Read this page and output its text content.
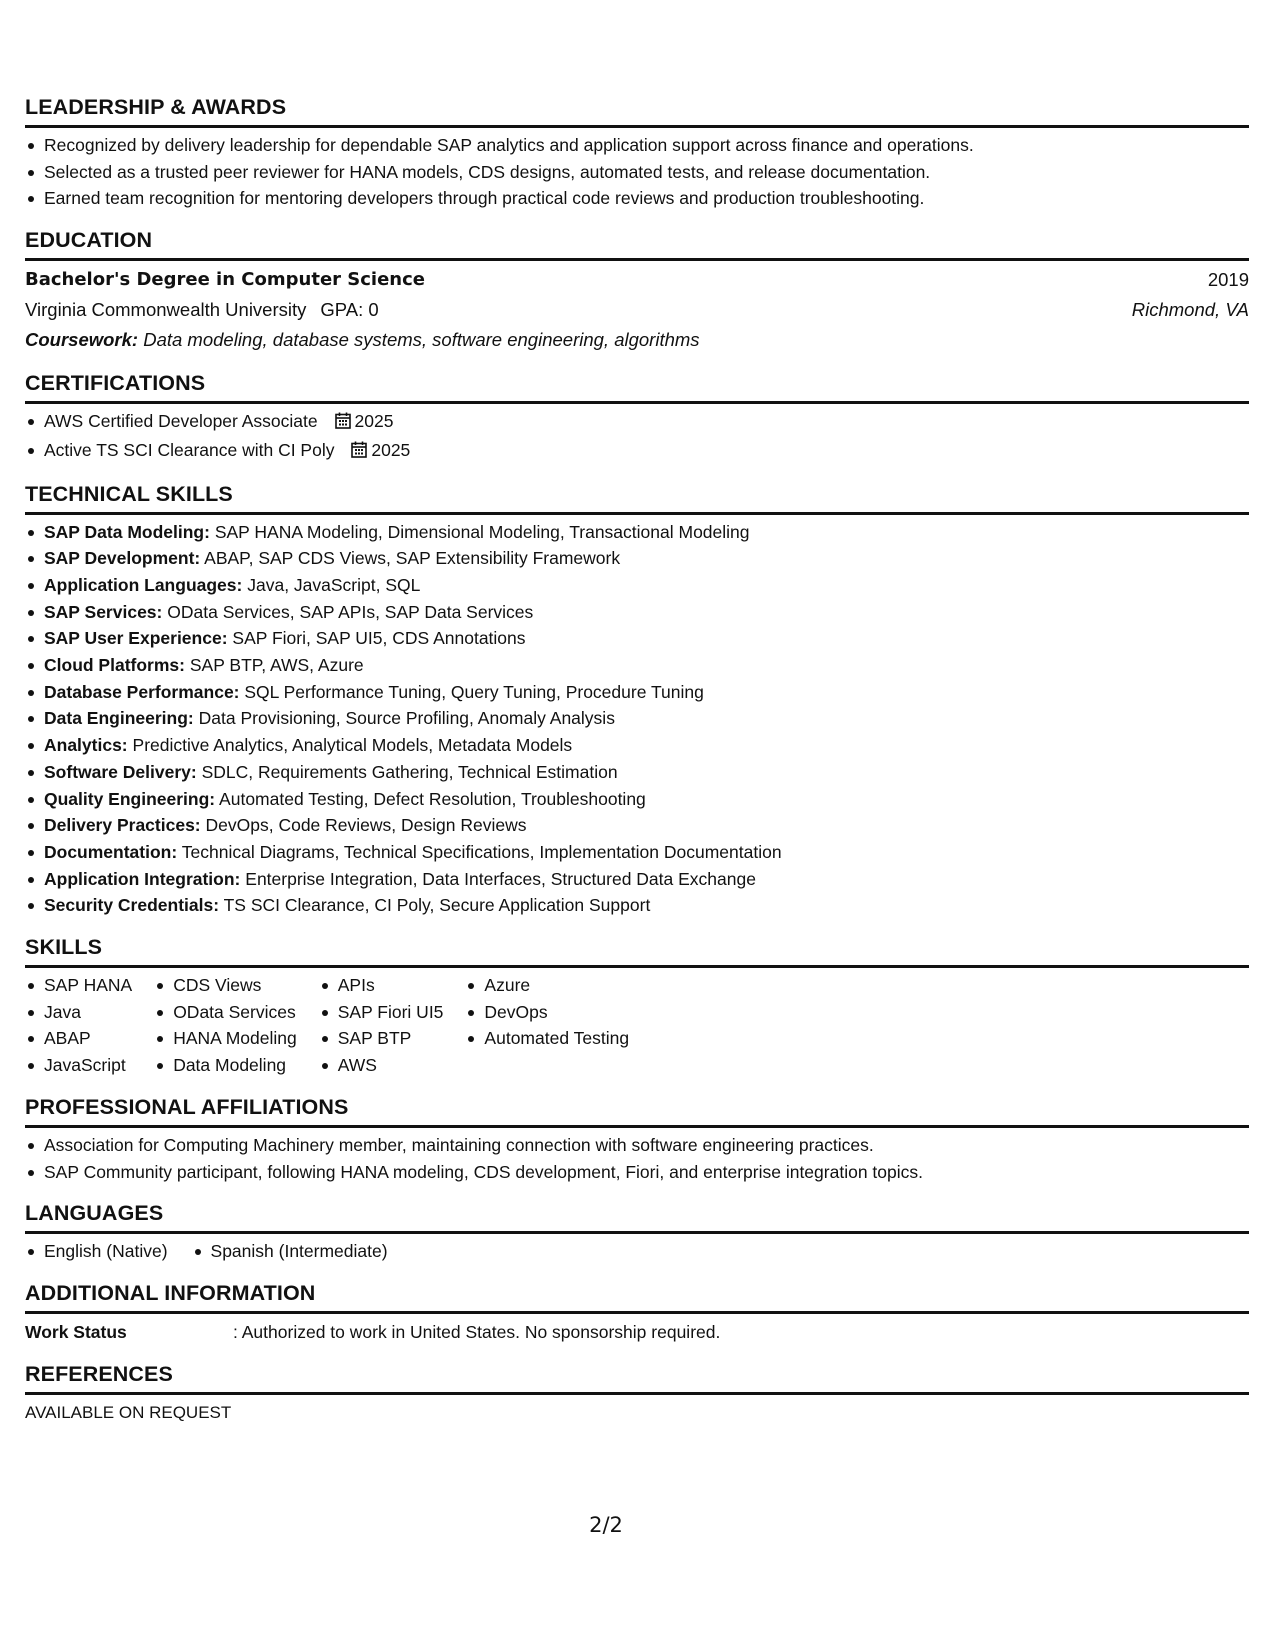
LEADERSHIP & AWARDS
Recognized by delivery leadership for dependable SAP analytics and application support across finance and operations.
Selected as a trusted peer reviewer for HANA models, CDS designs, automated tests, and release documentation.
Earned team recognition for mentoring developers through practical code reviews and production troubleshooting.
EDUCATION
Bachelor's Degree in Computer Science	2019
Virginia Commonwealth University GPA: 0	Richmond, VA
Coursework: Data modeling, database systems, software engineering, algorithms
CERTIFICATIONS
AWS Certified Developer Associate 2025
Active TS SCI Clearance with CI Poly 2025
TECHNICAL SKILLS
SAP Data Modeling: SAP HANA Modeling, Dimensional Modeling, Transactional Modeling
SAP Development: ABAP, SAP CDS Views, SAP Extensibility Framework
Application Languages: Java, JavaScript, SQL
SAP Services: OData Services, SAP APIs, SAP Data Services
SAP User Experience: SAP Fiori, SAP UI5, CDS Annotations
Cloud Platforms: SAP BTP, AWS, Azure
Database Performance: SQL Performance Tuning, Query Tuning, Procedure Tuning
Data Engineering: Data Provisioning, Source Profiling, Anomaly Analysis
Analytics: Predictive Analytics, Analytical Models, Metadata Models
Software Delivery: SDLC, Requirements Gathering, Technical Estimation
Quality Engineering: Automated Testing, Defect Resolution, Troubleshooting
Delivery Practices: DevOps, Code Reviews, Design Reviews
Documentation: Technical Diagrams, Technical Specifications, Implementation Documentation
Application Integration: Enterprise Integration, Data Interfaces, Structured Data Exchange
Security Credentials: TS SCI Clearance, CI Poly, Secure Application Support
SKILLS
SAP HANA
Java
ABAP
JavaScript
CDS Views
OData Services
HANA Modeling
Data Modeling
APIs
SAP Fiori UI5
SAP BTP
AWS
Azure
DevOps
Automated Testing
PROFESSIONAL AFFILIATIONS
Association for Computing Machinery member, maintaining connection with software engineering practices.
SAP Community participant, following HANA modeling, CDS development, Fiori, and enterprise integration topics.
LANGUAGES
English (Native)	Spanish (Intermediate)
ADDITIONAL INFORMATION
Work Status	: Authorized to work in United States. No sponsorship required.
REFERENCES
AVAILABLE ON REQUEST
2/2
